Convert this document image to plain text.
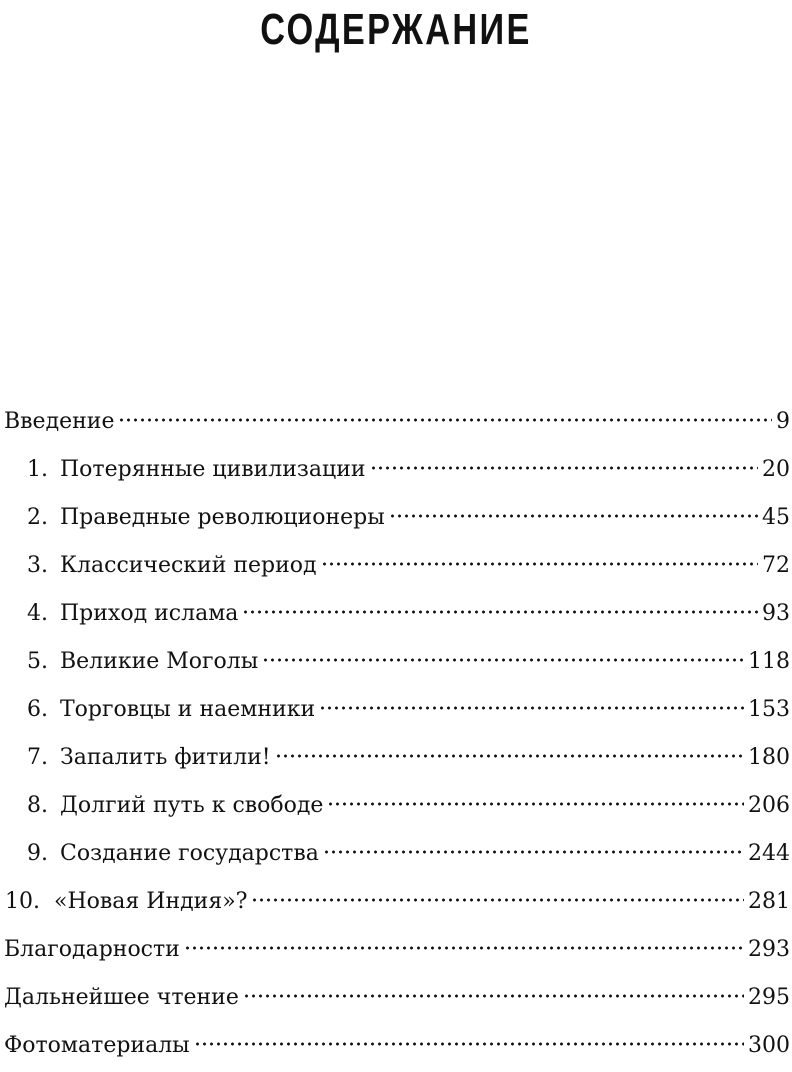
СОДЕРЖАНИЕ
Введение	9
1. Потерянные цивилизации	20
2. Праведные революционеры	45
3. Классический период	72
4. Приход ислама	93
5. Великие Моголы	118
6. Торговцы и наемники	153
7. Запалить фитили!	180
8. Долгий путь к свободе	206
9. Создание государства	244
10. «Новая Индия»?	281
Благодарности	293
Дальнейшее чтение	295
Фотоматериалы	300
